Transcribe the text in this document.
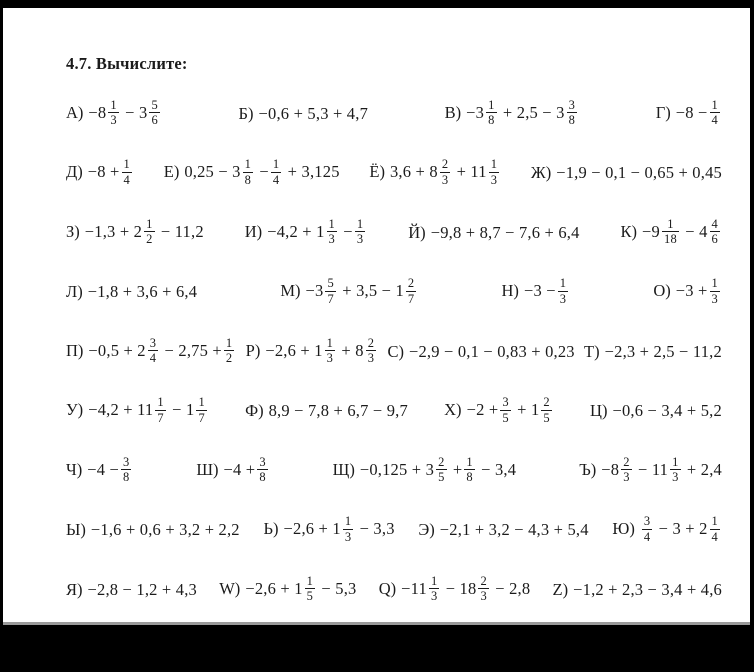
4.7. Вычислите:
$А) -8 \frac{1}{3} - 3 \frac{5}{6}$	Б) −0,6 + 5,3 + 4,7	$В) -3 \frac{1}{8} + 2,5 - 3 \frac{3}{8}$	$Г) -8 - \frac{1}{4}$
$Д) -8 + \frac{1}{4} Е$) $0,25 - 3 \frac{1}{8} - \frac{1}{4} + 3,125$ Ё) $3,6 + 8 \frac{2}{3} + 11 \frac{1}{3} Ж) -1,9 - 0,1 - 0,65 + 0,45$
$З) -1,3 + 2 \frac{1}{2} - 11,2$ $И) -4,2 + 1 \frac{1}{3} - \frac{1}{3}$	Й) −9,8 + 8,7 − 7,6 + 6,4 $К) -9 \frac{1}{18} - 4 \frac{4}{6}$
Л) −1,8 + 3,6 + 6,4	$М) -3 \frac{5}{7} + 3,5 - 1 \frac{2}{7}$	$Н) -3 - \frac{1}{3}$	$О) -3 + \frac{1}{3}$
$П) -0,5 + 2 \frac{3}{4} - 2,75 + \frac{1}{2} Р) -2,6 + 1 \frac{1}{3} + 8 \frac{2}{3} С) -2,9 - 0,1 - 0,83 + 0,23$ Т) −2,3 + 2,5 − 11,2
$У) -4,2 + 11 \frac{1}{7} - 1 \frac{1}{7} Ф$) 8,9 − 7,8 + 6,7 − 9,7 $Х) -2 + \frac{3}{5} + 1 \frac{2}{5} Ц) -0,6 - 3,4 + 5,2$
$Ч) -4 - \frac{3}{8}$	$Ш) -4 + \frac{3}{8}$	$Щ) -0,125 + 3 \frac{2}{5} + \frac{1}{8} - 3,4$	$Ъ) -8 \frac{2}{3} - 11 \frac{1}{3} + 2,4$
Ы) −1,6 + 0,6 + 3,2 + 2,2 $Ь) -2,6 + 1 \frac{1}{3} - 3,3$ Э) −2,1 + 3,2 − 4,3 + 5,4 $Ю) \frac{3}{4} - 3 + 2 \frac{1}{4}$
Я) −2,8 − 1,2 + 4,3 $W) -2,6 + 1 \frac{1}{5} - 5,3$ $Q) -11 \frac{1}{3} - 18 \frac{2}{3} - 2,8$ Z) −1,2 + 2,3 − 3,4 + 4,6
